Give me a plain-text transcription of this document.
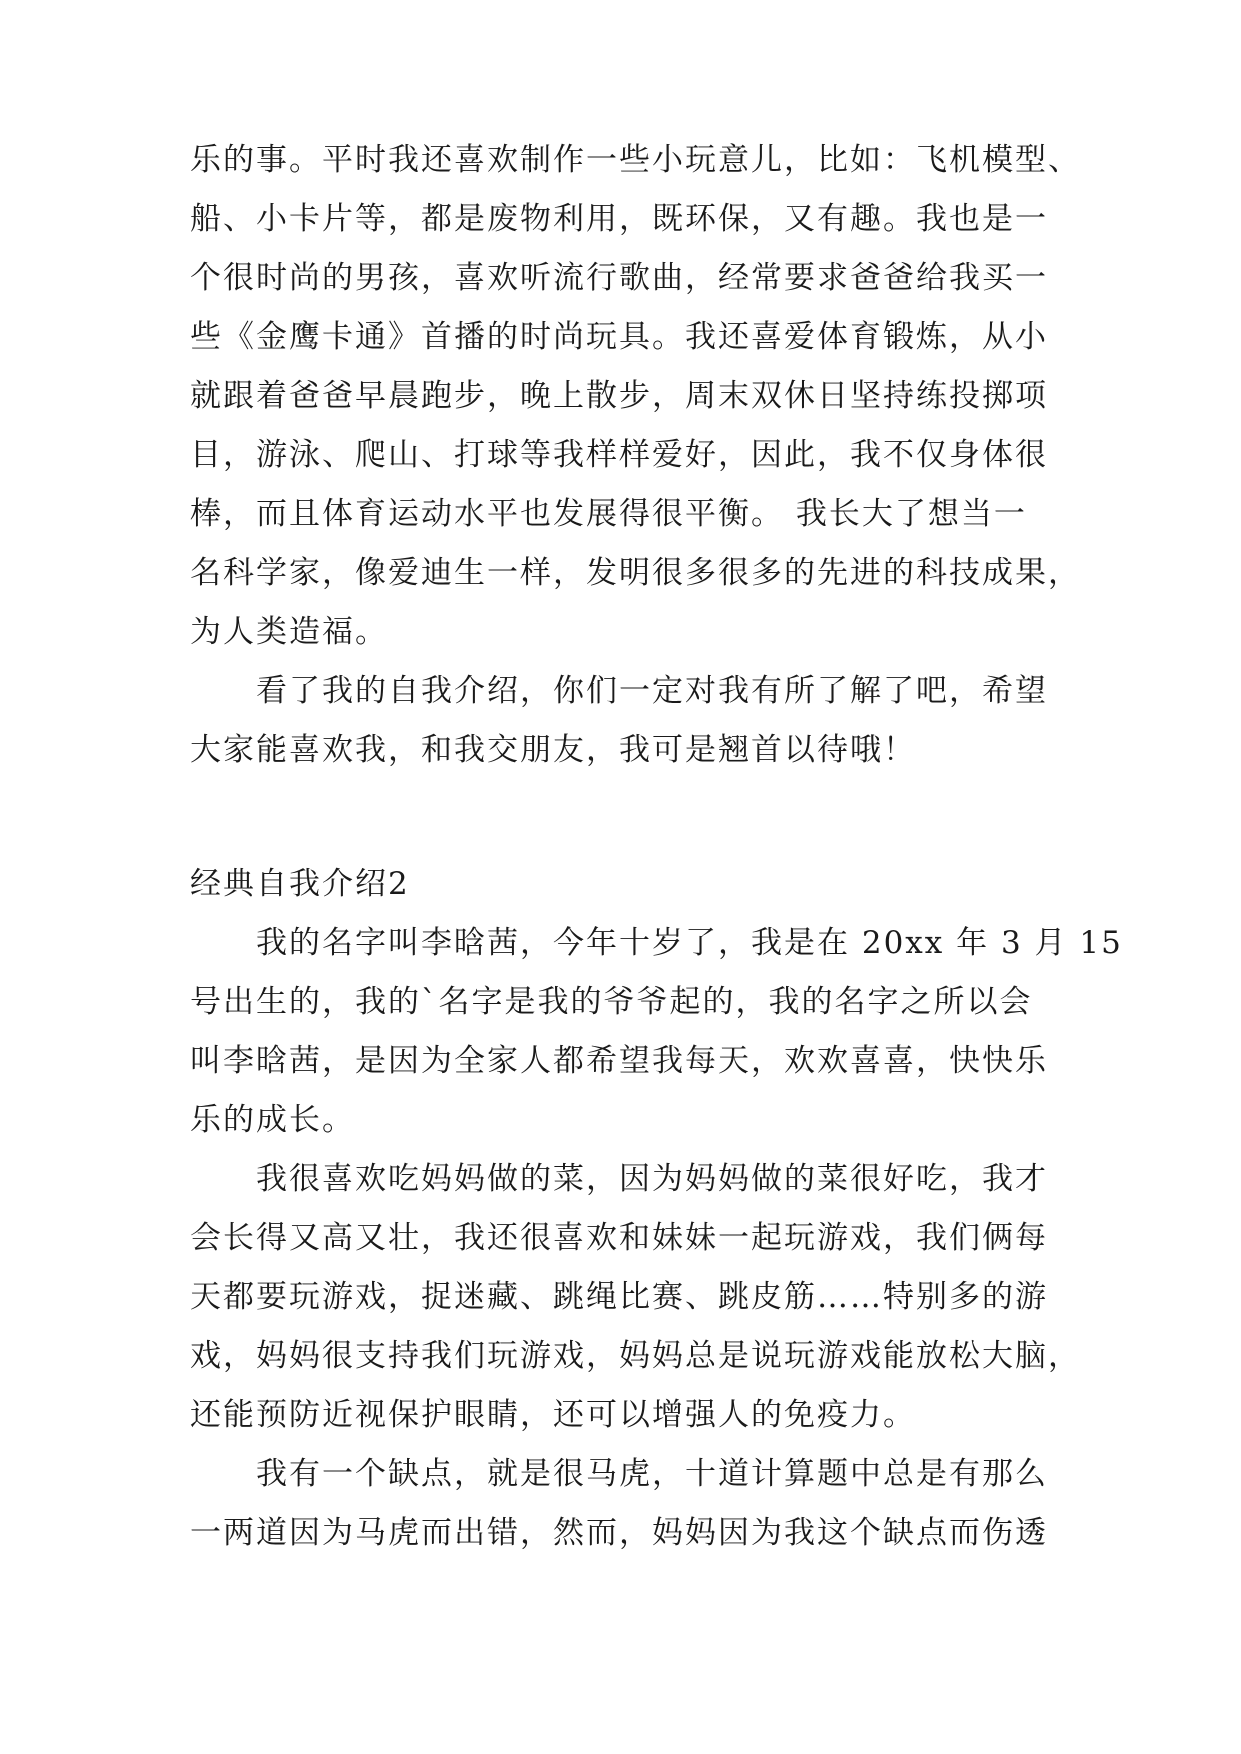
乐的事。平时我还喜欢制作一些小玩意儿，比如：飞机模型、
船、小卡片等，都是废物利用，既环保，又有趣。我也是一
个很时尚的男孩，喜欢听流行歌曲，经常要求爸爸给我买一
些《金鹰卡通》首播的时尚玩具。我还喜爱体育锻炼，从小
就跟着爸爸早晨跑步，晚上散步，周末双休日坚持练投掷项
目，游泳、爬山、打球等我样样爱好，因此，我不仅身体很
棒，而且体育运动水平也发展得很平衡。 我长大了想当一
名科学家，像爱迪生一样，发明很多很多的先进的科技成果，
为人类造福。
看了我的自我介绍，你们一定对我有所了解了吧，希望
大家能喜欢我，和我交朋友，我可是翘首以待哦！
经典自我介绍2
我的名字叫李晗茜，今年十岁了，我是在 20xx 年 3 月 15
号出生的，我的`名字是我的爷爷起的，我的名字之所以会
叫李晗茜，是因为全家人都希望我每天，欢欢喜喜，快快乐
乐的成长。
我很喜欢吃妈妈做的菜，因为妈妈做的菜很好吃，我才
会长得又高又壮，我还很喜欢和妹妹一起玩游戏，我们俩每
天都要玩游戏，捉迷藏、跳绳比赛、跳皮筋……特别多的游
戏，妈妈很支持我们玩游戏，妈妈总是说玩游戏能放松大脑，
还能预防近视保护眼睛，还可以增强人的免疫力。
我有一个缺点，就是很马虎，十道计算题中总是有那么
一两道因为马虎而出错，然而，妈妈因为我这个缺点而伤透
